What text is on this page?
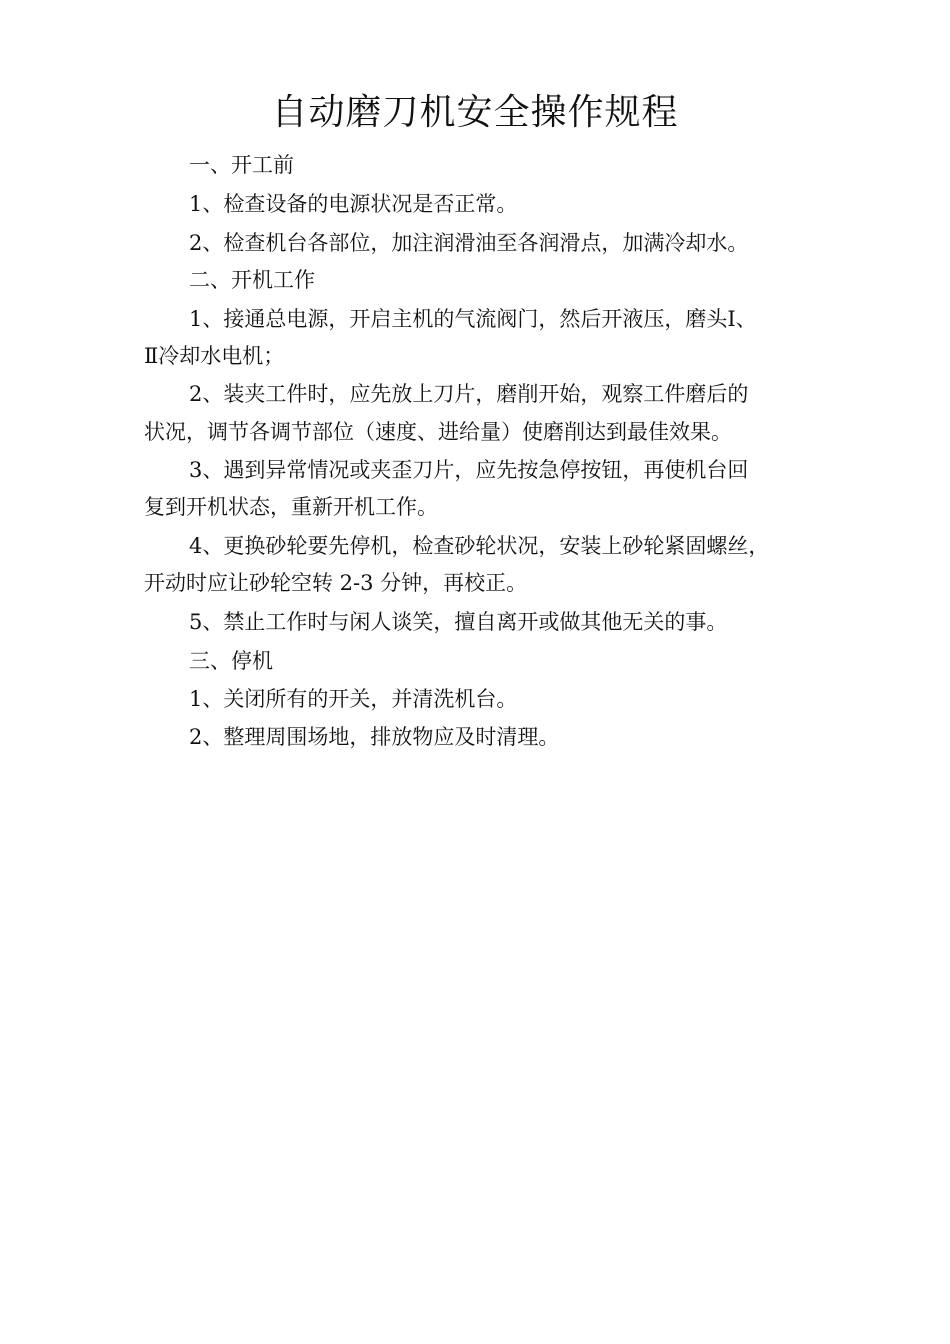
自动磨刀机安全操作规程
一、开工前
1、检查设备的电源状况是否正常。
2、检查机台各部位，加注润滑油至各润滑点，加满冷却水。
二、开机工作
1、接通总电源，开启主机的气流阀门，然后开液压，磨头Ⅰ、
Ⅱ冷却水电机；
2、装夹工件时，应先放上刀片，磨削开始，观察工件磨后的
状况，调节各调节部位（速度、进给量）使磨削达到最佳效果。
3、遇到异常情况或夹歪刀片，应先按急停按钮，再使机台回
复到开机状态，重新开机工作。
4、更换砂轮要先停机，检查砂轮状况，安装上砂轮紧固螺丝，
开动时应让砂轮空转 2-3 分钟，再校正。
5、禁止工作时与闲人谈笑，擅自离开或做其他无关的事。
三、停机
1、关闭所有的开关，并清洗机台。
2、整理周围场地，排放物应及时清理。
